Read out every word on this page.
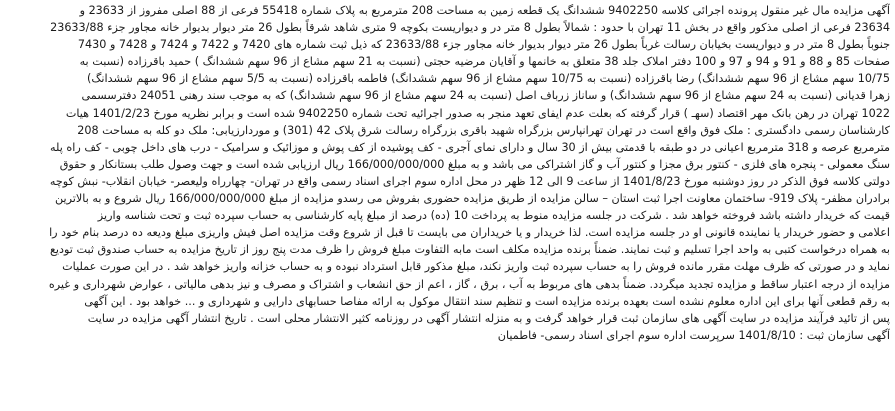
آگهی مزایده مال غیر منقول پرونده اجرائی کلاسه 9402250 ششدانگ یک قطعه زمین به مساحت 208 مترمربع به پلاک شماره 55418 فرعی از 88 اصلی مفروز از 23633 و
23634 فرعی از اصلی مذکور واقع در بخش 11 تهران با حدود : شمالاً بطول 8 متر در و دیواریست بکوچه 9 متری شاهد شرقاً بطول 26 متر دیوار بدیوار خانه مجاور جزء 23633/88
جنوباً بطول 8 متر در و دیواریست بخیابان رسالت غرباً بطول 26 متر دیوار بدیوار خانه مجاور جزء 23633/88 که ذیل ثبت شماره های 7420 و 7422 و 7424 و 7428 و 7430
صفحات 85 و 88 و 91 و 94 و 97 و 100 دفتر املاک جلد 38 متعلق به خانمها و آقایان مرضیه حجتی (نسبت به 21 سهم مشاع از 96 سهم ششدانگ ) حمید باقرزاده (نسبت به
10/75 سهم مشاع از 96 سهم ششدانگ) رضا باقرزاده (نسبت به 10/75 سهم مشاع از 96 سهم ششدانگ) فاطمه باقرزاده (نسبت به 5/5 سهم مشاع از 96 سهم ششدانگ)
زهرا قدیانی (نسبت به 24 سهم مشاع از 96 سهم ششدانگ) و ساناز زرباف اصل (نسبت به 24 سهم مشاع از 96 سهم ششدانگ) که به موجب سند رهنی 24051 دفترسسمی
1022 تهران در رهن بانک مهر اقتصاد (سهـ ) قرار گرفته که بعلت عدم ایفای تعهد منجر به صدور اجرائیه تحت شماره 9402250 شده است و برابر نظریه مورخ 1401/2/23 هیات
کارشناسان رسمی دادگستری : ملک فوق واقع است در تهران تهرانپارس بزرگراه شهید باقری بزرگراه رسالت شرق پلاک 42 (301) و موردارزیابی: ملک دو کله به مساحت 208
مترمربع عرصه و 318 مترمربع اعیانی در دو طبقه با قدمتی بیش از 30 سال و دارای نمای آجری - کف پوشیده از کف پوش و موزائیک و سرامیک - درب های داخل چوبی - کف راه پله
سنگ معمولی - پنجره های فلزی - کنتور برق مجزا و کنتور آب و گاز اشتراکی می باشد و به مبلغ 166/000/000/000 ریال ارزیابی شده است و جهت وصول طلب بستانکار و حقوق
دولتی کلاسه فوق الذکر در روز دوشنبه مورخ 1401/8/23 از ساعت 9 الی 12 ظهر در محل اداره سوم اجرای اسناد رسمی واقع در تهران- چهارراه ولیعصر- خیابان انقلاب- نبش کوچه
برادران مظفر- پلاک 919- ساختمان معاونت اجرا ثبت استان – سالن مزایده از طریق مزایده حضوری بفروش می رسدو مزایده از مبلغ 166/000/000/000 ریال شروع و به بالاترین
قیمت که خریدار داشته باشد فروخته خواهد شد . شرکت در جلسه مزایده منوط به پرداخت 10 (ده) درصد از مبلغ پایه کارشناسی به حساب سپرده ثبت و تحت شناسه واریز
اعلامی و حضور خریدار یا نماینده قانونی او در جلسه مزایده است. لذا خریدار و یا خریداران می بایست تا قبل از شروع وقت مزایده اصل فیش واریزی مبلغ ودیعه ده درصد بنام خود را
به همراه درخواست کتبی به واحد اجرا تسلیم و ثبت نمایند. ضمناً برنده مزایده مکلف است مابه التفاوت مبلغ فروش را ظرف مدت پنج روز از تاریخ مزایده به حساب صندوق ثبت تودیع
نماید و در صورتی که ظرف مهلت مقرر مانده فروش را به حساب سپرده ثبت واریز نکند، مبلغ مذکور قابل استرداد نبوده و به حساب خزانه واریز خواهد شد . در این صورت عملیات
مزایده از درجه اعتبار ساقط و مزایده تجدید میگردد. ضمناً بدهی های مربوط به آب ، برق ، گاز ، اعم از حق انشعاب و اشتراک و مصرف و نیز بدهی مالیاتی ، عوارض شهرداری و غیره
به رقم قطعی آنها برای این اداره معلوم نشده است بعهده برنده مزایده است و تنظیم سند انتقال موکول به ارائه مفاصا حسابهای دارایی و شهرداری و ... خواهد بود . این آگهی
پس از تائید فرآیند مزایده در سایت آگهی های سازمان ثبت قرار خواهد گرفت و به منزله انتشار آگهی در روزنامه کثیر الانتشار محلی است . تاریخ انتشار آگهی مزایده در سایت
آگهی سازمان ثبت : 1401/8/10 سرپرست اداره سوم اجرای اسناد رسمی- فاطمیان
